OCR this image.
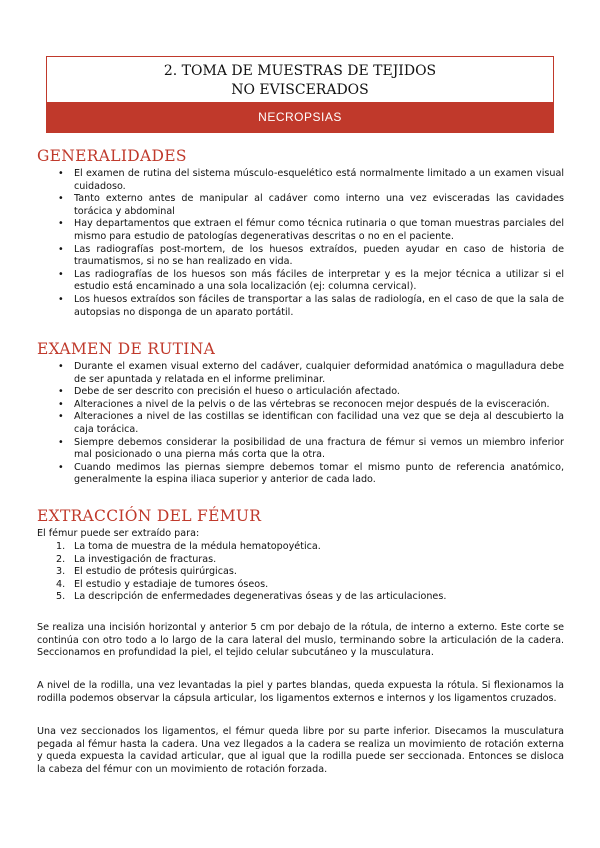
2. TOMA DE MUESTRAS DE TEJIDOS
NO EVISCERADOS
NECROPSIAS
GENERALIDADES
• El examen de rutina del sistema músculo-esquelético está normalmente limitado a un examen visual cuidadoso.
• Tanto externo antes de manipular al cadáver como interno una vez evisceradas las cavidades torácica y abdominal
• Hay departamentos que extraen el fémur como técnica rutinaria o que toman muestras parciales del mismo para estudio de patologías degenerativas descritas o no en el paciente.
• Las radiografías post-mortem, de los huesos extraídos, pueden ayudar en caso de historia de traumatismos, si no se han realizado en vida.
• Las radiografías de los huesos son más fáciles de interpretar y es la mejor técnica a utilizar si el estudio está encaminado a una sola localización (ej: columna cervical).
• Los huesos extraídos son fáciles de transportar a las salas de radiología, en el caso de que la sala de autopsias no disponga de un aparato portátil.
EXAMEN DE RUTINA
• Durante el examen visual externo del cadáver, cualquier deformidad anatómica o magulladura debe de ser apuntada y relatada en el informe preliminar.
• Debe de ser descrito con precisión el hueso o articulación afectado.
• Alteraciones a nivel de la pelvis o de las vértebras se reconocen mejor después de la evisceración.
• Alteraciones a nivel de las costillas se identifican con facilidad una vez que se deja al descubierto la caja torácica.
• Siempre debemos considerar la posibilidad de una fractura de fémur si vemos un miembro inferior mal posicionado o una pierna más corta que la otra.
• Cuando medimos las piernas siempre debemos tomar el mismo punto de referencia anatómico, generalmente la espina iliaca superior y anterior de cada lado.
EXTRACCIÓN DEL FÉMUR

El fémur puede ser extraído para:

1. La toma de muestra de la médula hematopoyética.
2. La investigación de fracturas.
3. El estudio de prótesis quirúrgicas.
4. El estudio y estadiaje de tumores óseos.
5. La descripción de enfermedades degenerativas óseas y de las articulaciones.

Se realiza una incisión horizontal y anterior 5 cm por debajo de la rótula, de interno a externo. Este corte se continúa con otro todo a lo largo de la cara lateral del muslo, terminando sobre la articulación de la cadera. Seccionamos en profundidad la piel, el tejido celular subcutáneo y la musculatura.

A nivel de la rodilla, una vez levantadas la piel y partes blandas, queda expuesta la rótula. Si flexionamos la rodilla podemos observar la cápsula articular, los ligamentos externos e internos y los ligamentos cruzados.

Una vez seccionados los ligamentos, el fémur queda libre por su parte inferior. Disecamos la musculatura pegada al fémur hasta la cadera. Una vez llegados a la cadera se realiza un movimiento de rotación externa y queda expuesta la cavidad articular, que al igual que la rodilla puede ser seccionada. Entonces se disloca la cabeza del fémur con un movimiento de rotación forzada.
